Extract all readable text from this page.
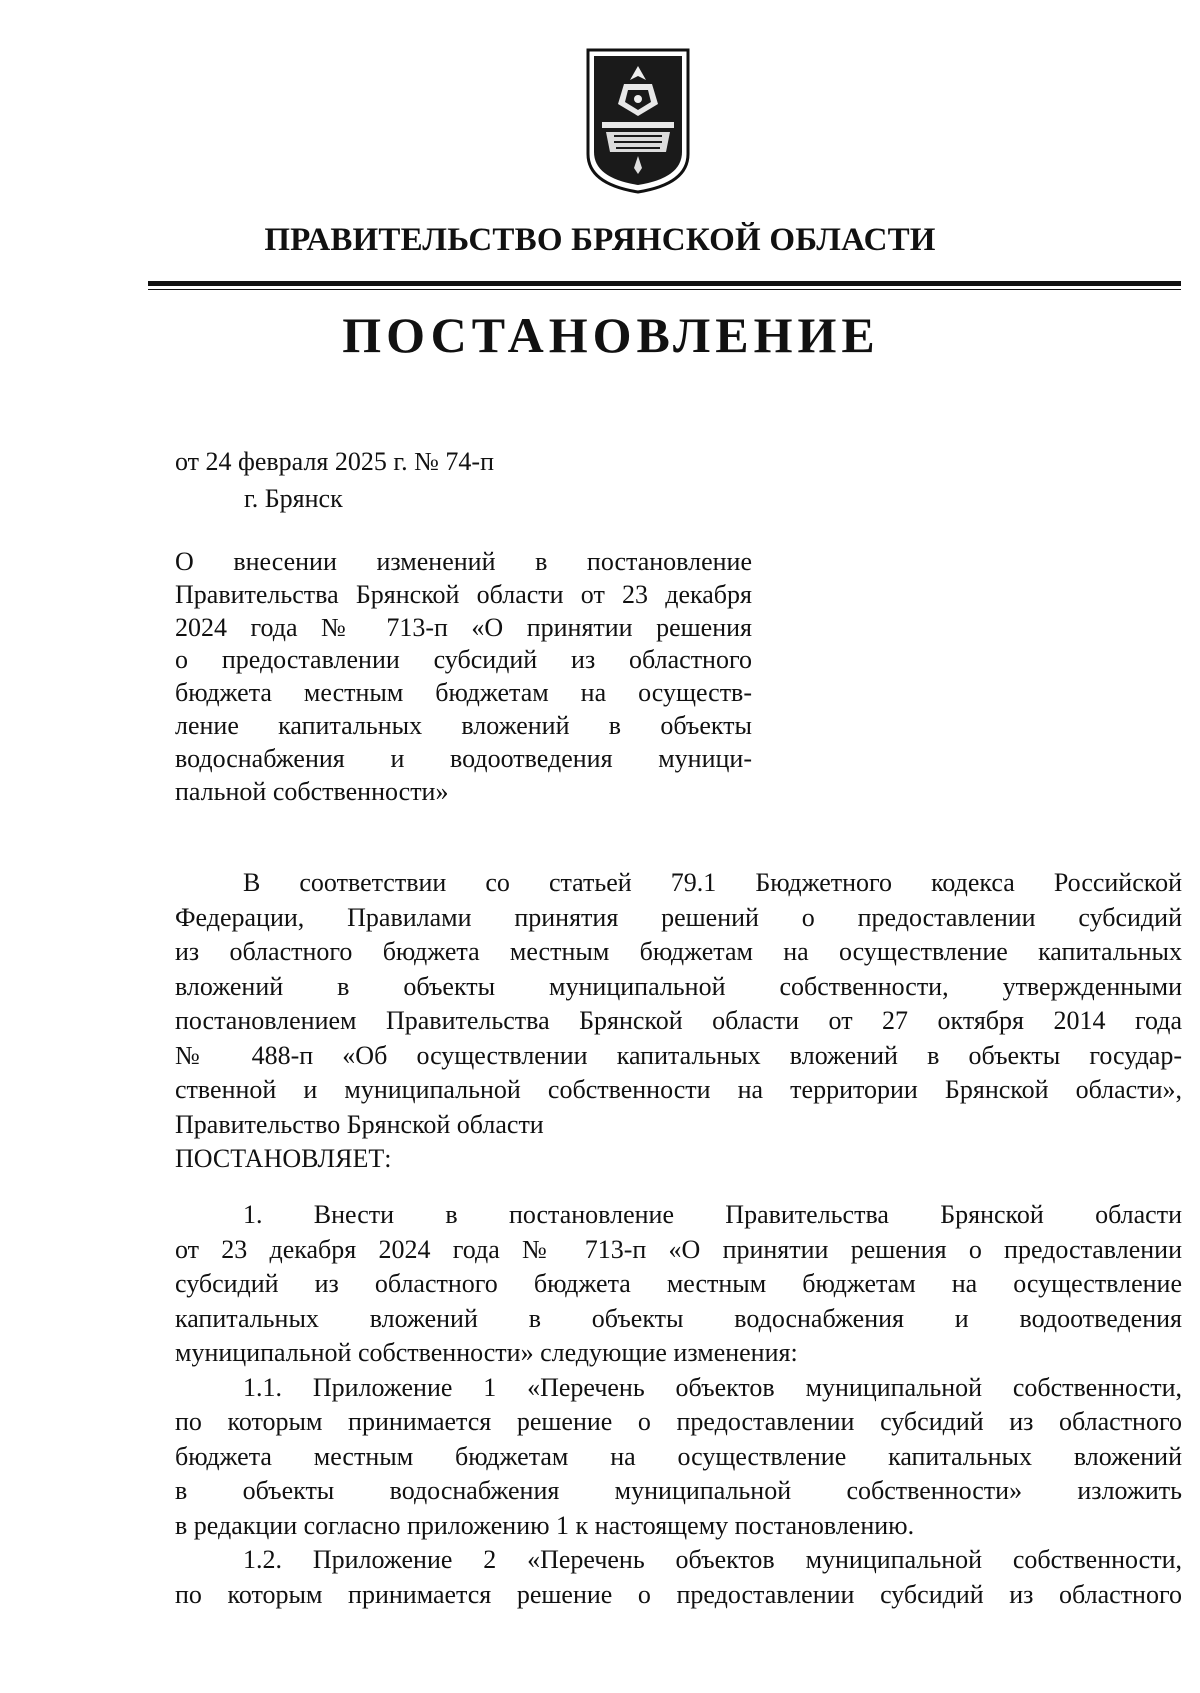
ПРАВИТЕЛЬСТВО БРЯНСКОЙ ОБЛАСТИ
ПОСТАНОВЛЕНИЕ
от 24 февраля 2025 г. № 74-п
г. Брянск
О внесении изменений в постановление
Правительства Брянской области от 23 декабря
2024 года № 713-п «О принятии решения
о предоставлении субсидий из областного
бюджета местным бюджетам на осуществ-
ление капитальных вложений в объекты
водоснабжения и водоотведения муници-
пальной собственности»
В соответствии со статьей 79.1 Бюджетного кодекса Российской
Федерации, Правилами принятия решений о предоставлении субсидий
из областного бюджета местным бюджетам на осуществление капитальных
вложений в объекты муниципальной собственности, утвержденными
постановлением Правительства Брянской области от 27 октября 2014 года
№ 488-п «Об осуществлении капитальных вложений в объекты государ-
ственной и муниципальной собственности на территории Брянской области»,
Правительство Брянской области
ПОСТАНОВЛЯЕТ:
1. Внести в постановление Правительства Брянской области
от 23 декабря 2024 года № 713-п «О принятии решения о предоставлении
субсидий из областного бюджета местным бюджетам на осуществление
капитальных вложений в объекты водоснабжения и водоотведения
муниципальной собственности» следующие изменения:
1.1. Приложение 1 «Перечень объектов муниципальной собственности,
по которым принимается решение о предоставлении субсидий из областного
бюджета местным бюджетам на осуществление капитальных вложений
в объекты водоснабжения муниципальной собственности» изложить
в редакции согласно приложению 1 к настоящему постановлению.
1.2. Приложение 2 «Перечень объектов муниципальной собственности,
по которым принимается решение о предоставлении субсидий из областного
